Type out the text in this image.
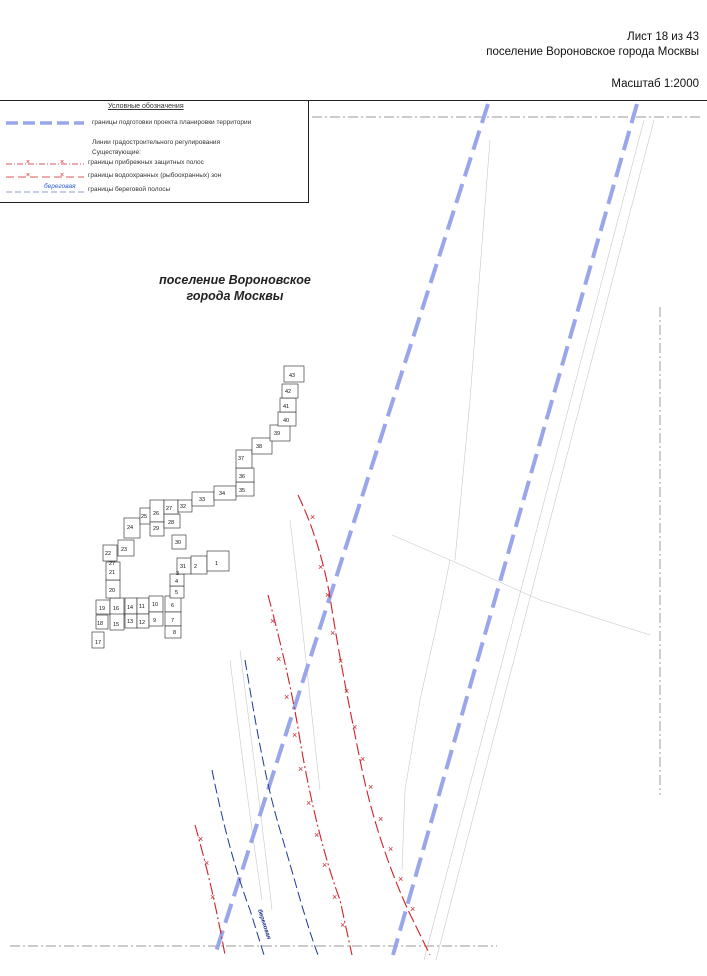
Лист 18 из 43
поселение Вороновское города Москвы
Масштаб 1:2000
Условные обозначения
границы подготовки проекта планировки территории
Линии градостроительного регулирования
Существующие:
×	×	границы прибрежных защитных полос
×	×	границы водоохранных (рыбоохранных) зон
береговая границы береговой полосы
поселение Вороновское
города Москвы
×
×
×
×
×
×
×
×
×
×
×
×
×
×
×
×
×
×
×
×
×
×
×
×
×
×
береговая
17
18
19 16
15
14
13
11
12
10
9
6
7
8
5
4
20
21
27
22
23
24
25 26
29
28
27 32
33
34	35
36
37
38
39
40
41
42
43
30
31 2
3
1
